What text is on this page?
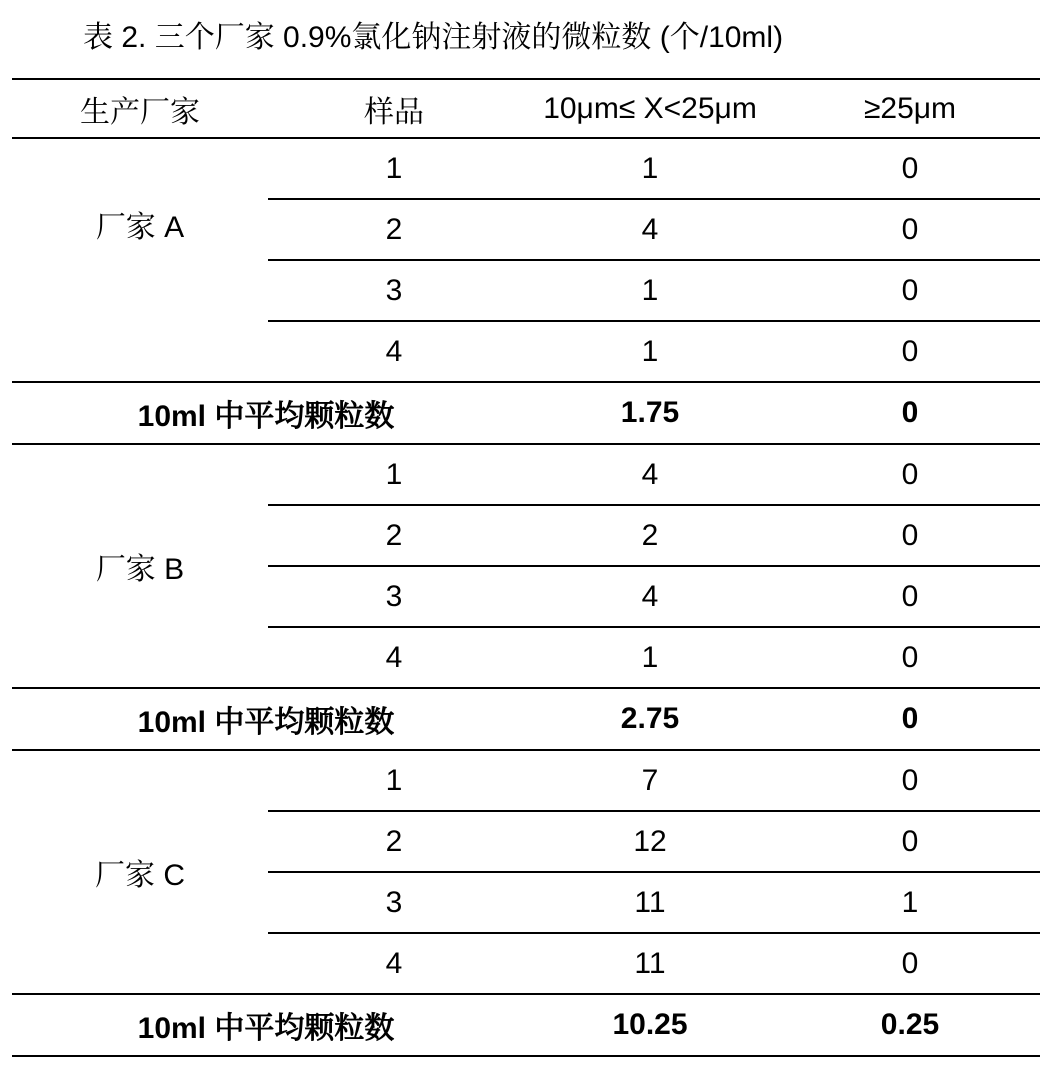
表 2. 三个厂家 0.9%氯化钠注射液的微粒数 (个/10ml)
生产厂家	样品	10μm≤ X<25μm	≥25μm
厂家 A	1	1	0
	2	4	0
	3	1	0
	4	1	0
10ml 中平均颗粒数		1.75	0
厂家 B	1	4	0
	2	2	0
	3	4	0
	4	1	0
10ml 中平均颗粒数		2.75	0
厂家 C	1	7	0
	2	12	0
	3	11	1
	4	11	0
10ml 中平均颗粒数		10.25	0.25
